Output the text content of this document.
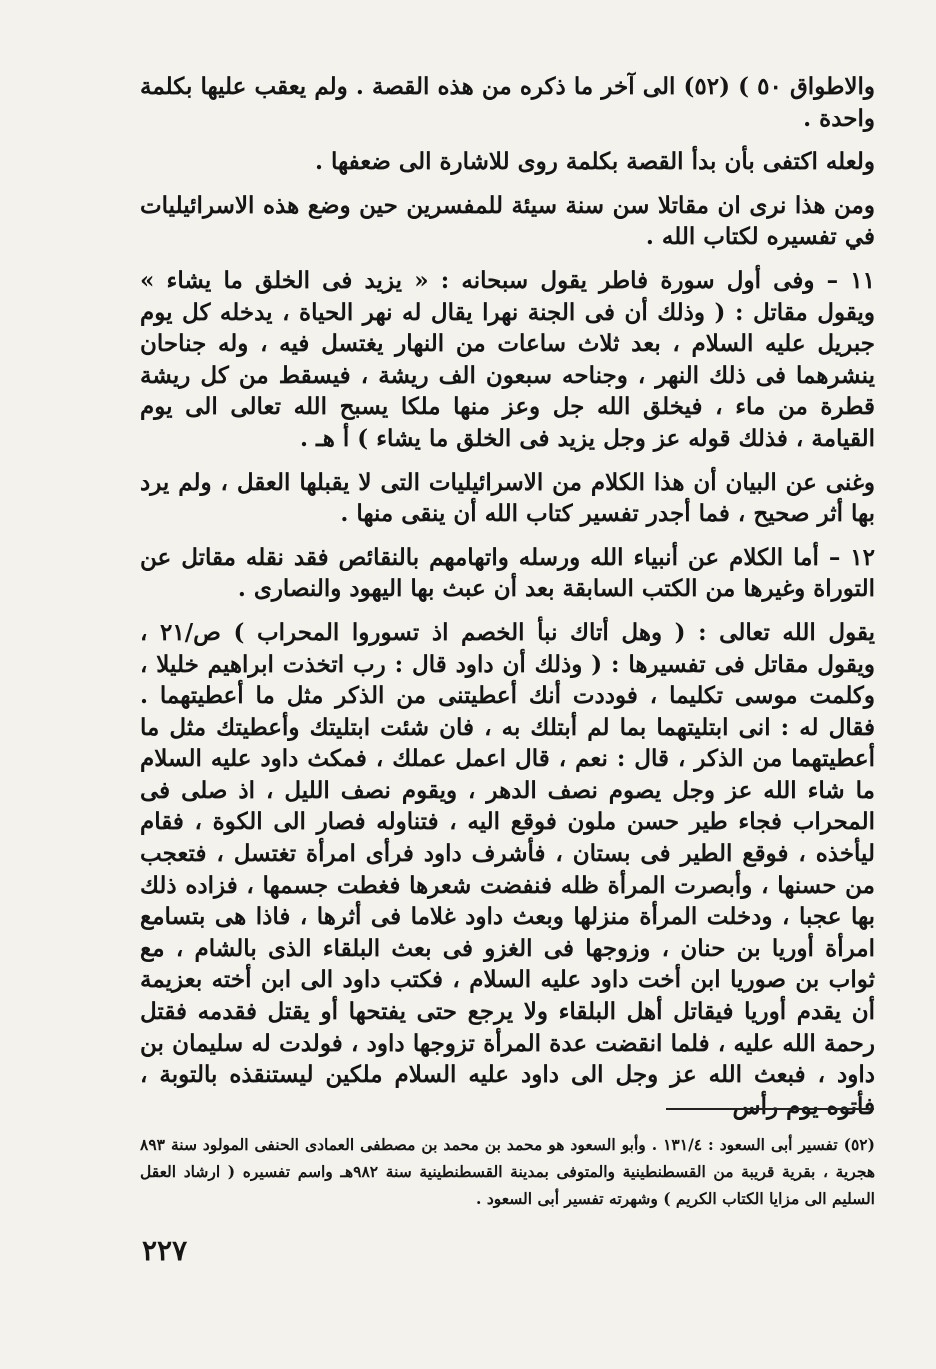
والاطواق ٥٠ ) (٥٢) الى آخر ما ذكره من هذه القصة . ولم يعقب عليها بكلمة واحدة .

ولعله اكتفى بأن بدأ القصة بكلمة روى للاشارة الى ضعفها .

ومن هذا نرى ان مقاتلا سن سنة سيئة للمفسرين حين وضع هذه الاسرائيليات في تفسيره لكتاب الله .

١١ – وفى أول سورة فاطر يقول سبحانه : « يزيد فى الخلق ما يشاء » ويقول مقاتل : ( وذلك أن فى الجنة نهرا يقال له نهر الحياة ، يدخله كل يوم جبريل عليه السلام ، بعد ثلاث ساعات من النهار يغتسل فيه ، وله جناحان ينشرهما فى ذلك النهر ، وجناحه سبعون الف ريشة ، فيسقط من كل ريشة قطرة من ماء ، فيخلق الله جل وعز منها ملكا يسبح الله تعالى الى يوم القيامة ، فذلك قوله عز وجل يزيد فى الخلق ما يشاء ) أ هـ .

وغنى عن البيان أن هذا الكلام من الاسرائيليات التى لا يقبلها العقل ، ولم يرد بها أثر صحيح ، فما أجدر تفسير كتاب الله أن ينقى منها .

١٢ – أما الكلام عن أنبياء الله ورسله واتهامهم بالنقائص فقد نقله مقاتل عن التوراة وغيرها من الكتب السابقة بعد أن عبث بها اليهود والنصارى .

يقول الله تعالى : ( وهل أتاك نبأ الخصم اذ تسوروا المحراب ) ص/٢١ ، ويقول مقاتل فى تفسيرها : ( وذلك أن داود قال : رب اتخذت ابراهيم خليلا ، وكلمت موسى تكليما ، فوددت أنك أعطيتنى من الذكر مثل ما أعطيتهما . فقال له : انى ابتليتهما بما لم أبتلك به ، فان شئت ابتليتك وأعطيتك مثل ما أعطيتهما من الذكر ، قال : نعم ، قال اعمل عملك ، فمكث داود عليه السلام ما شاء الله عز وجل يصوم نصف الدهر ، ويقوم نصف الليل ، اذ صلى فى المحراب فجاء طير حسن ملون فوقع اليه ، فتناوله فصار الى الكوة ، فقام ليأخذه ، فوقع الطير فى بستان ، فأشرف داود فرأى امرأة تغتسل ، فتعجب من حسنها ، وأبصرت المرأة ظله فنفضت شعرها فغطت جسمها ، فزاده ذلك بها عجبا ، ودخلت المرأة منزلها وبعث داود غلاما فى أثرها ، فاذا هى بتسامع امرأة أوريا بن حنان ، وزوجها فى الغزو فى بعث البلقاء الذى بالشام ، مع ثواب بن صوريا ابن أخت داود عليه السلام ، فكتب داود الى ابن أخته بعزيمة أن يقدم أوريا فيقاتل أهل البلقاء ولا يرجع حتى يفتحها أو يقتل فقدمه فقتل رحمة الله عليه ، فلما انقضت عدة المرأة تزوجها داود ، فولدت له سليمان بن داود ، فبعث الله عز وجل الى داود عليه السلام ملكين ليستنقذه بالتوبة ، فأتوه يوم رأس

(٥٢) تفسير أبى السعود : ١٣١/٤ . وأبو السعود هو محمد بن محمد بن مصطفى العمادى الحنفى المولود سنة ٨٩٣ هجرية ، بقرية قريبة من القسطنطينية والمتوفى بمدينة القسطنطينية سنة ٩٨٢هـ واسم تفسيره ( ارشاد العقل السليم الى مزايا الكتاب الكريم ) وشهرته تفسير أبى السعود .

٢٢٧
